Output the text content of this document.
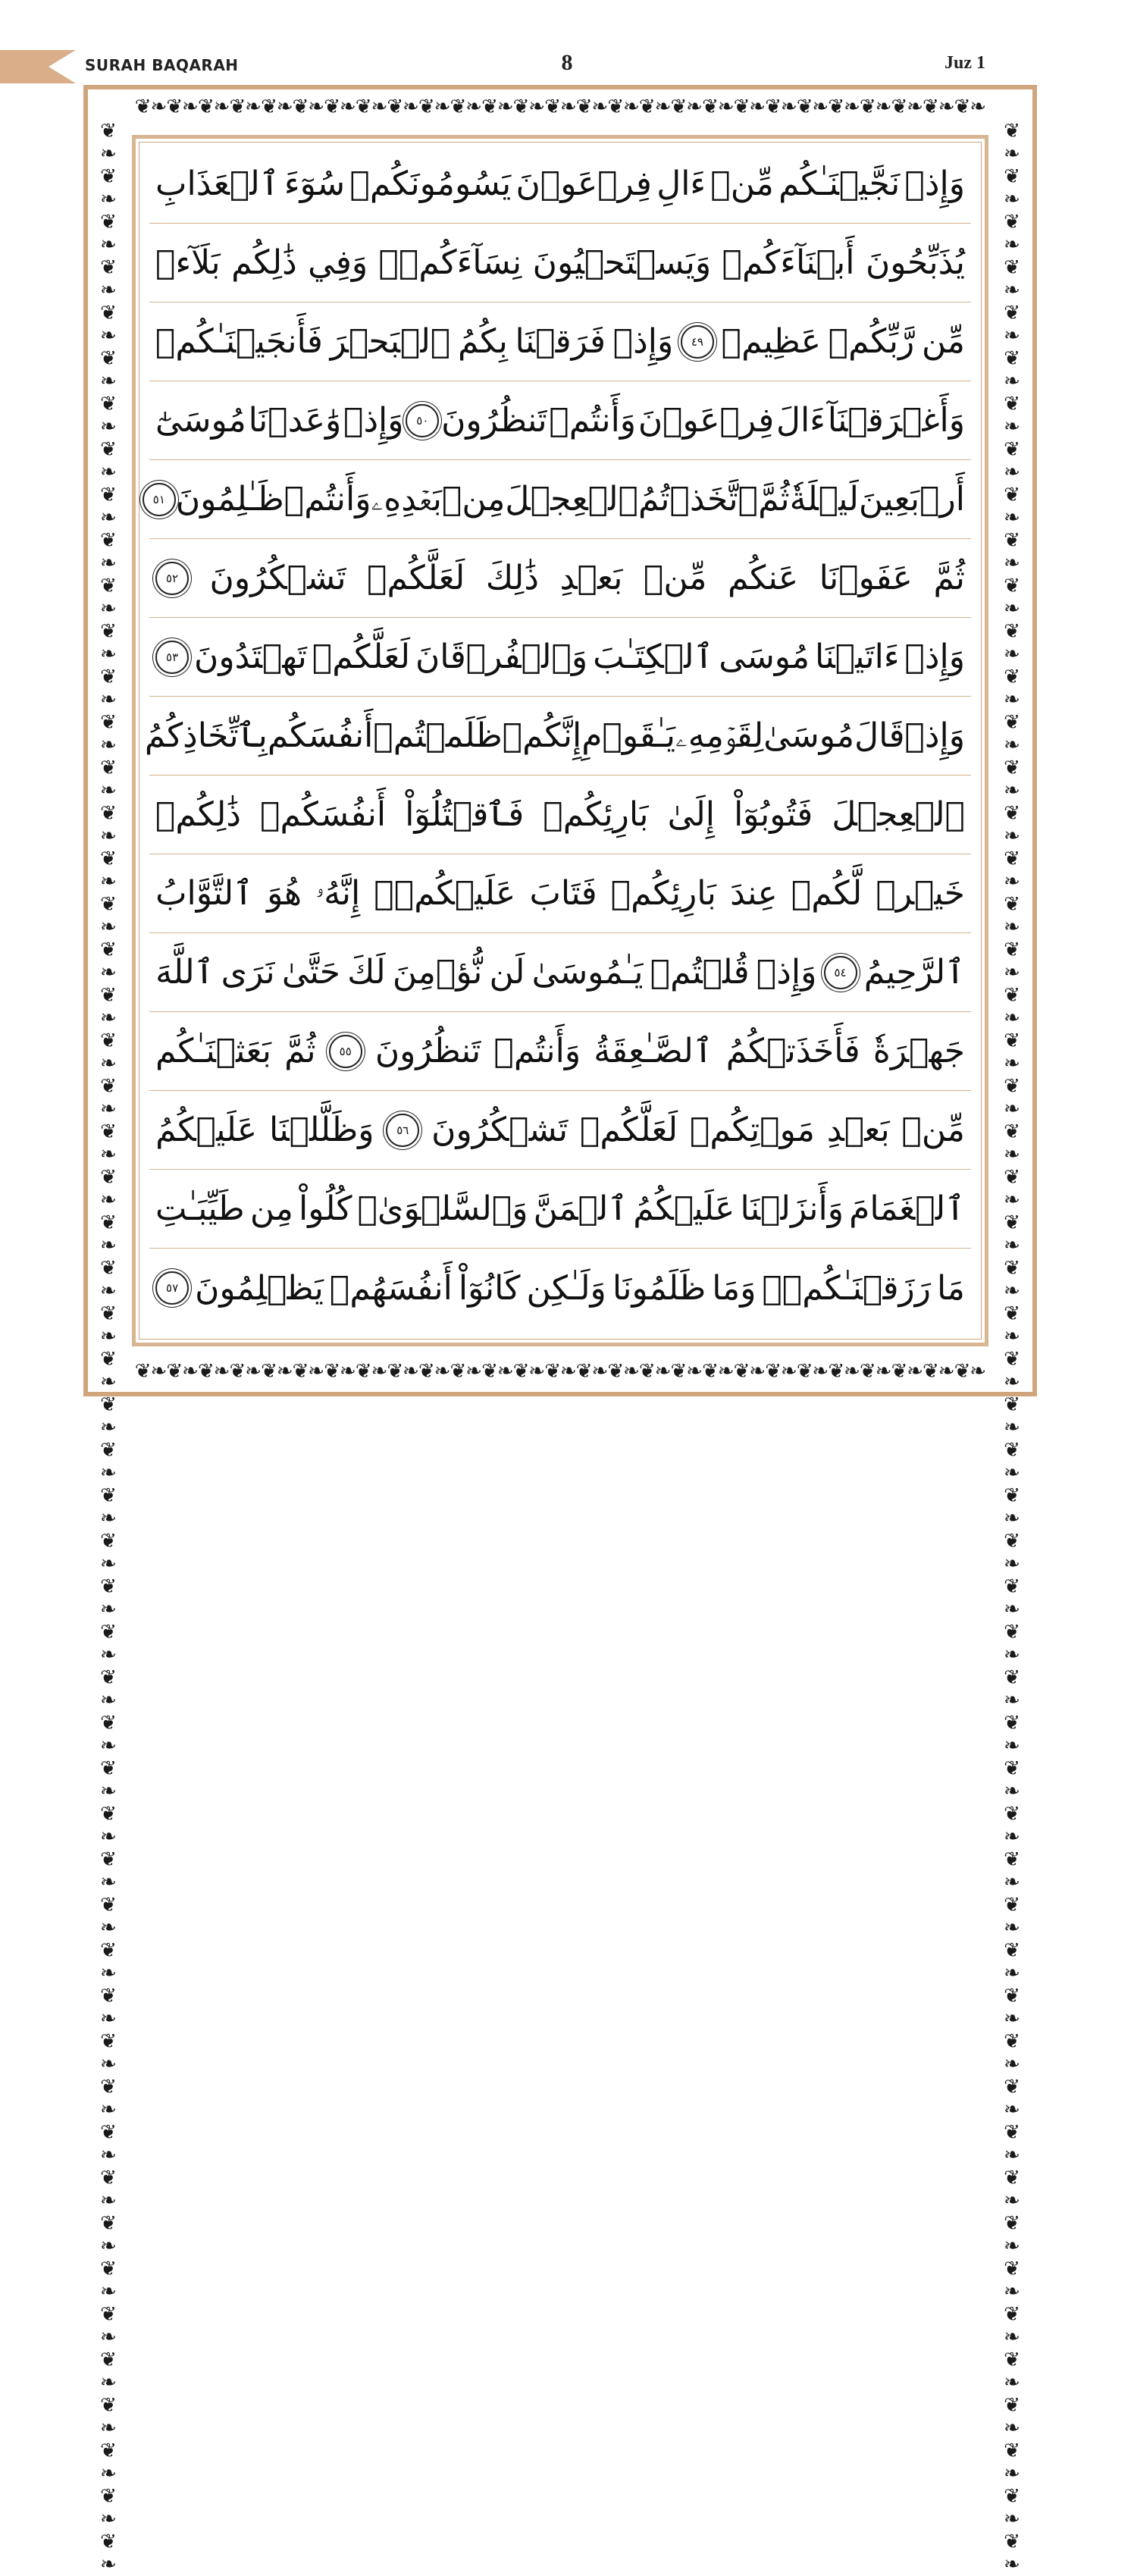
SURAH BAQARAH	8	Juz 1
❦❧❦❧❦❧❦❧❦❧❦❧❦❧❦❧❦❧❦❧❦❧❦❧❦❧❦❧❦❧❦❧❦❧❦❧❦❧❦❧❦❧❦❧❦❧❦❧❦❧❦❧❦❧
❦❧❦❧❦❧❦❧❦❧❦❧❦❧❦❧❦❧❦❧❦❧❦❧❦❧❦❧❦❧❦❧❦❧❦❧❦❧❦❧❦❧❦❧❦❧❦❧❦❧❦❧❦❧
❦❧❦❧❦❧❦❧❦❧❦❧❦❧❦❧❦❧❦❧❦❧❦❧❦❧❦❧❦❧❦❧❦❧❦❧❦❧❦❧❦❧❦❧❦❧❦❧❦❧❦❧❦❧❦❧❦❧❦❧❦❧❦❧❦❧❦❧❦❧❦❧❦❧❦❧❦❧❦❧❦❧❦❧❦❧❦❧❦❧❦❧❦❧❦❧❦❧❦❧❦❧❦❧❦❧❦❧
❦❧❦❧❦❧❦❧❦❧❦❧❦❧❦❧❦❧❦❧❦❧❦❧❦❧❦❧❦❧❦❧❦❧❦❧❦❧❦❧❦❧❦❧❦❧❦❧❦❧❦❧❦❧❦❧❦❧❦❧❦❧❦❧❦❧❦❧❦❧❦❧❦❧❦❧❦❧❦❧❦❧❦❧❦❧❦❧❦❧❦❧❦❧❦❧❦❧❦❧❦❧❦❧❦❧❦❧
وَإِذۡ
نَجَّيۡنَـٰكُم
مِّنۡ
ءَالِ
فِرۡعَوۡنَ
يَسُومُونَكُمۡ
سُوٓءَ
ٱلۡعَذَابِ
يُذَبِّحُونَ
أَبۡنَآءَكُمۡ
وَيَسۡتَحۡيُونَ
نِسَآءَكُمۡۚ
وَفِي
ذَٰلِكُم
بَلَآءٞ
مِّن
رَّبِّكُمۡ
عَظِيمٞ
٤٩
وَإِذۡ
فَرَقۡنَا
بِكُمُ
ٱلۡبَحۡرَ
فَأَنجَيۡنَـٰكُمۡ
وَأَغۡرَقۡنَآ
ءَالَ
فِرۡعَوۡنَ
وَأَنتُمۡ
تَنظُرُونَ
٥٠
وَإِذۡ
وَٰعَدۡنَا
مُوسَىٰٓ
أَرۡبَعِينَ
لَيۡلَةٗ
ثُمَّ
ٱتَّخَذۡتُمُ
ٱلۡعِجۡلَ
مِنۢ
بَعۡدِهِۦ
وَأَنتُمۡ
ظَـٰلِمُونَ
٥١
ثُمَّ
عَفَوۡنَا
عَنكُم
مِّنۢ
بَعۡدِ
ذَٰلِكَ
لَعَلَّكُمۡ
تَشۡكُرُونَ
٥٢
وَإِذۡ
ءَاتَيۡنَا
مُوسَى
ٱلۡكِتَـٰبَ
وَٱلۡفُرۡقَانَ
لَعَلَّكُمۡ
تَهۡتَدُونَ
٥٣
وَإِذۡ
قَالَ
مُوسَىٰ
لِقَوۡمِهِۦ
يَـٰقَوۡمِ
إِنَّكُمۡ
ظَلَمۡتُمۡ
أَنفُسَكُم
بِٱتِّخَاذِكُمُ
ٱلۡعِجۡلَ
فَتُوبُوٓاْ
إِلَىٰ
بَارِئِكُمۡ
فَٱقۡتُلُوٓاْ
أَنفُسَكُمۡ
ذَٰلِكُمۡ
خَيۡرٞ
لَّكُمۡ
عِندَ
بَارِئِكُمۡ
فَتَابَ
عَلَيۡكُمۡۚ
إِنَّهُۥ
هُوَ
ٱلتَّوَّابُ
ٱلرَّحِيمُ
٥٤
وَإِذۡ
قُلۡتُمۡ
يَـٰمُوسَىٰ
لَن
نُّؤۡمِنَ
لَكَ
حَتَّىٰ
نَرَى
ٱللَّهَ
جَهۡرَةٗ
فَأَخَذَتۡكُمُ
ٱلصَّـٰعِقَةُ
وَأَنتُمۡ
تَنظُرُونَ
٥٥
ثُمَّ
بَعَثۡنَـٰكُم
مِّنۢ
بَعۡدِ
مَوۡتِكُمۡ
لَعَلَّكُمۡ
تَشۡكُرُونَ
٥٦
وَظَلَّلۡنَا
عَلَيۡكُمُ
ٱلۡغَمَامَ
وَأَنزَلۡنَا
عَلَيۡكُمُ
ٱلۡمَنَّ
وَٱلسَّلۡوَىٰۖ
كُلُواْ
مِن
طَيِّبَـٰتِ
مَا
رَزَقۡنَـٰكُمۡۚ
وَمَا
ظَلَمُونَا
وَلَـٰكِن
كَانُوٓاْ
أَنفُسَهُمۡ
يَظۡلِمُونَ
٥٧
